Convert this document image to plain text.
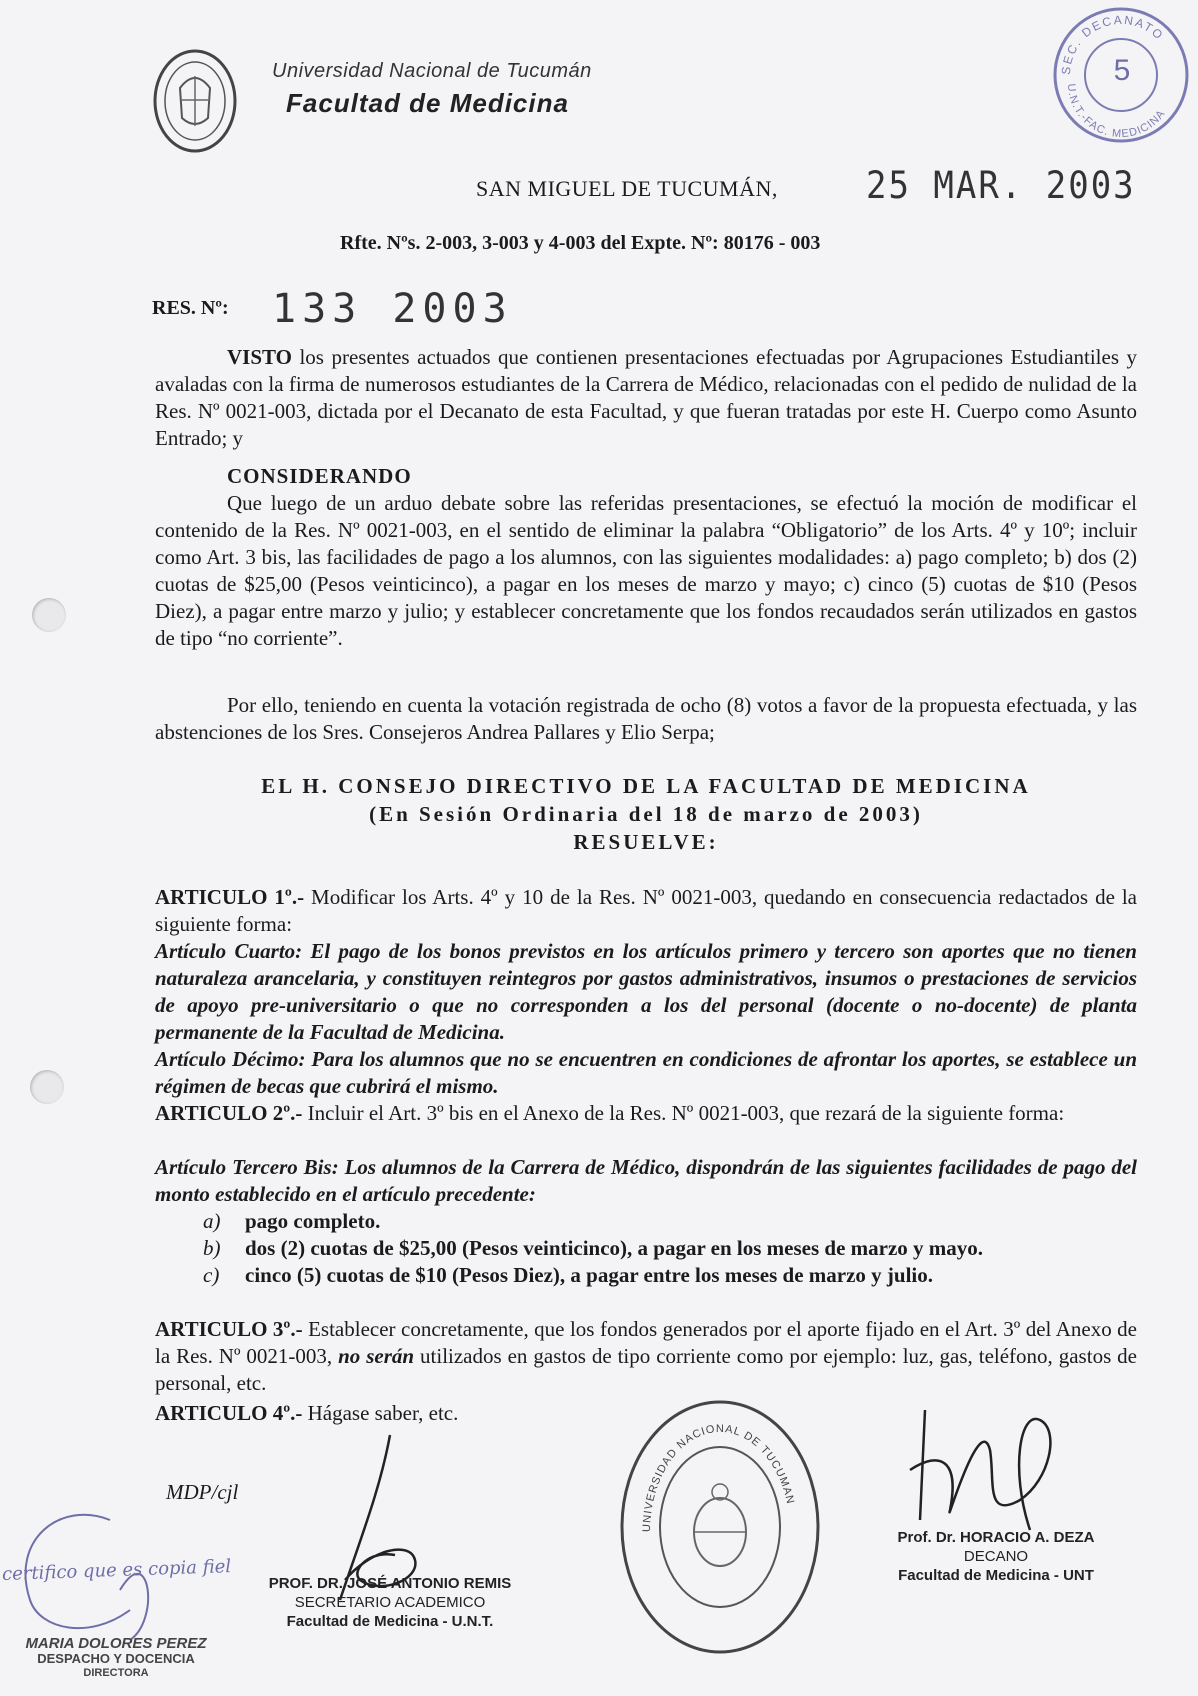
Universidad Nacional de Tucumán
Facultad de Medicina
SEC. DECANATO
U.N.T.-FAC. MEDICINA
5
SAN MIGUEL DE TUCUMÁN,	25 MAR. 2003
Rfte. Nºs. 2-003, 3-003 y 4-003 del Expte. Nº: 80176 - 003
RES. Nº: 133 2003
VISTO los presentes actuados que contienen presentaciones efectuadas por Agrupaciones Estudiantiles y avaladas con la firma de numerosos estudiantes de la Carrera de Médico, relacionadas con el pedido de nulidad de la Res. Nº 0021-003, dictada por el Decanato de esta Facultad, y que fueran tratadas por este H. Cuerpo como Asunto Entrado; y
CONSIDERANDO
Que luego de un arduo debate sobre las referidas presentaciones, se efectuó la moción de modificar el contenido de la Res. Nº 0021-003, en el sentido de eliminar la palabra “Obligatorio” de los Arts. 4º y 10º; incluir como Art. 3 bis, las facilidades de pago a los alumnos, con las siguientes modalidades: a) pago completo; b) dos (2) cuotas de $25,00 (Pesos veinticinco), a pagar en los meses de marzo y mayo; c) cinco (5) cuotas de $10 (Pesos Diez), a pagar entre marzo y julio; y establecer concretamente que los fondos recaudados serán utilizados en gastos de tipo “no corriente”.
Por ello, teniendo en cuenta la votación registrada de ocho (8) votos a favor de la propuesta efectuada, y las abstenciones de los Sres. Consejeros Andrea Pallares y Elio Serpa;
EL H. CONSEJO DIRECTIVO DE LA FACULTAD DE MEDICINA
(En Sesión Ordinaria del 18 de marzo de 2003)
RESUELVE:
ARTICULO 1º.- Modificar los Arts. 4º y 10 de la Res. Nº 0021-003, quedando en consecuencia redactados de la siguiente forma:
Artículo Cuarto: El pago de los bonos previstos en los artículos primero y tercero son aportes que no tienen naturaleza arancelaria, y constituyen reintegros por gastos administrativos, insumos o prestaciones de servicios de apoyo pre-universitario o que no corresponden a los del personal (docente o no-docente) de planta permanente de la Facultad de Medicina.
Artículo Décimo: Para los alumnos que no se encuentren en condiciones de afrontar los aportes, se establece un régimen de becas que cubrirá el mismo.
ARTICULO 2º.- Incluir el Art. 3º bis en el Anexo de la Res. Nº 0021-003, que rezará de la siguiente forma:
Artículo Tercero Bis: Los alumnos de la Carrera de Médico, dispondrán de las siguientes facilidades de pago del monto establecido en el artículo precedente:
a) pago completo.
b) dos (2) cuotas de $25,00 (Pesos veinticinco), a pagar en los meses de marzo y mayo.
c) cinco (5) cuotas de $10 (Pesos Diez), a pagar entre los meses de marzo y julio.
ARTICULO 3º.- Establecer concretamente, que los fondos generados por el aporte fijado en el Art. 3º del Anexo de la Res. Nº 0021-003, no serán utilizados en gastos de tipo corriente como por ejemplo: luz, gas, teléfono, gastos de personal, etc.
ARTICULO 4º.- Hágase saber, etc.
MDP/cjl
PROF. DR. JOSÉ ANTONIO REMIS
SECRETARIO ACADEMICO
Facultad de Medicina - U.N.T.
UNIVERSIDAD NACIONAL DE TUCUMAN
Prof. Dr. HORACIO A. DEZA
DECANO
Facultad de Medicina - UNT
certifico que es copia fiel
MARIA DOLORES PEREZ
DESPACHO Y DOCENCIA
DIRECTORA
